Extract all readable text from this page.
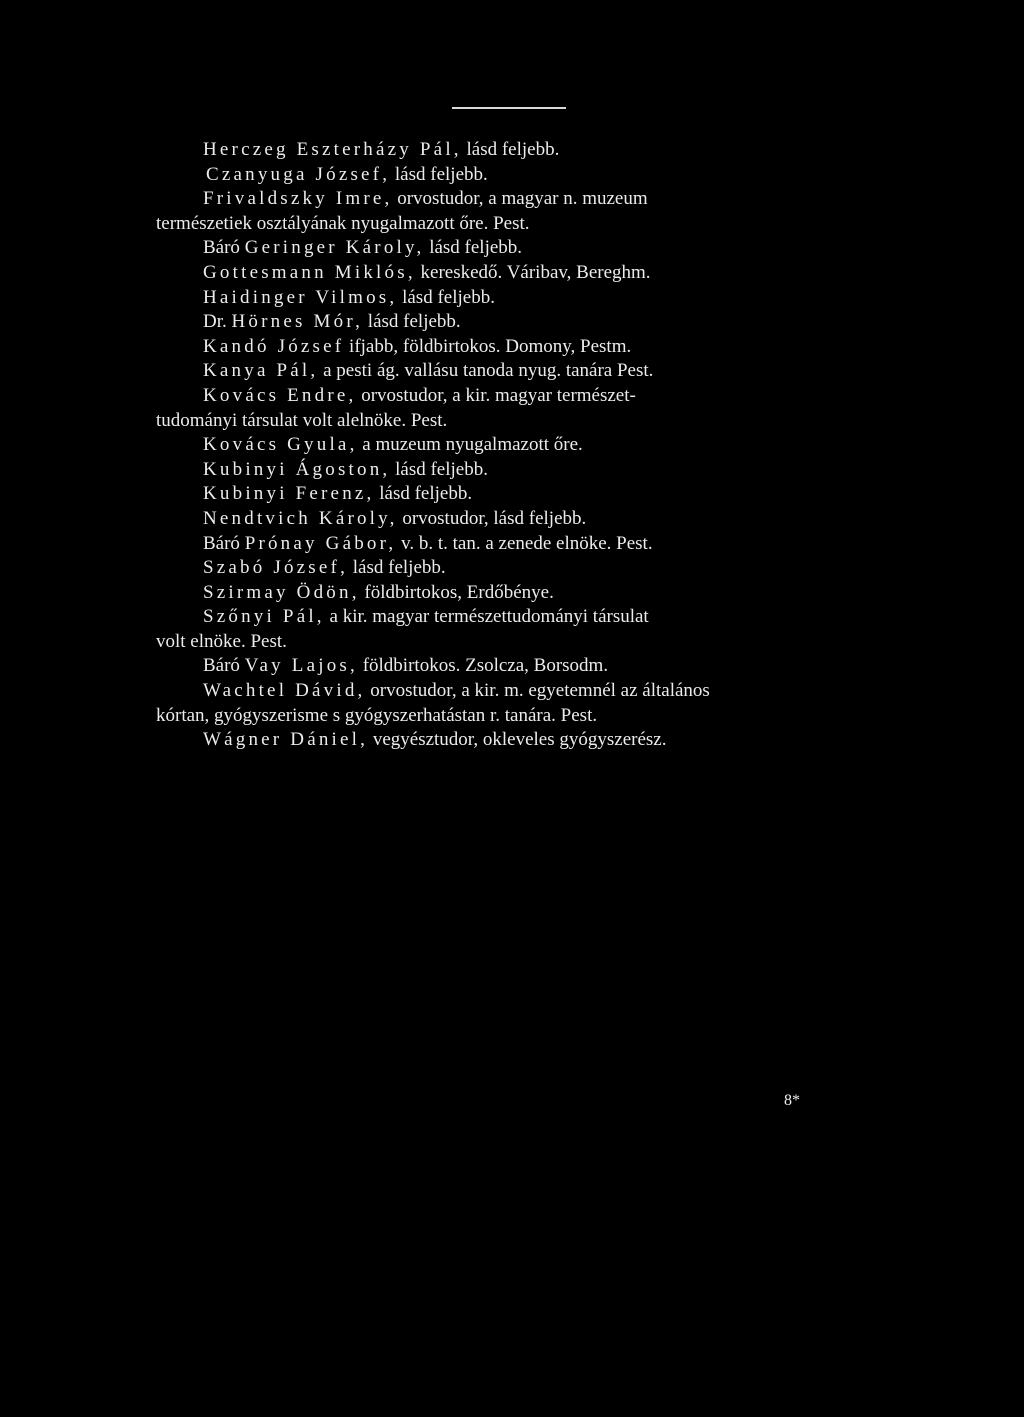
Herczeg Eszterházy Pál, lásd feljebb.
Czanyuga József, lásd feljebb.
Frivaldszky Imre, orvostudor, a magyar n. muzeum
természetiek osztályának nyugalmazott őre. Pest.
Báró Geringer Károly, lásd feljebb.
Gottesmann Miklós, kereskedő. Váribav, Bereghm.
Haidinger Vilmos, lásd feljebb.
Dr. Hörnes Mór, lásd feljebb.
Kandó József ifjabb, földbirtokos. Domony, Pestm.
Kanya Pál, a pesti ág. vallásu tanoda nyug. tanára Pest.
Kovács Endre, orvostudor, a kir. magyar természet-
tudományi társulat volt alelnöke. Pest.
Kovács Gyula, a muzeum nyugalmazott őre.
Kubinyi Ágoston, lásd feljebb.
Kubinyi Ferenz, lásd feljebb.
Nendtvich Károly, orvostudor, lásd feljebb.
Báró Prónay Gábor, v. b. t. tan. a zenede elnöke. Pest.
Szabó József, lásd feljebb.
Szirmay Ödön, földbirtokos, Erdőbénye.
Szőnyi Pál, a kir. magyar természettudományi társulat
volt elnöke. Pest.
Báró Vay Lajos, földbirtokos. Zsolcza, Borsodm.
Wachtel Dávid, orvostudor, a kir. m. egyetemnél az általános
kórtan, gyógyszerisme s gyógyszerhatástan r. tanára. Pest.
Wágner Dániel, vegyésztudor, okleveles gyógyszerész.
8*
